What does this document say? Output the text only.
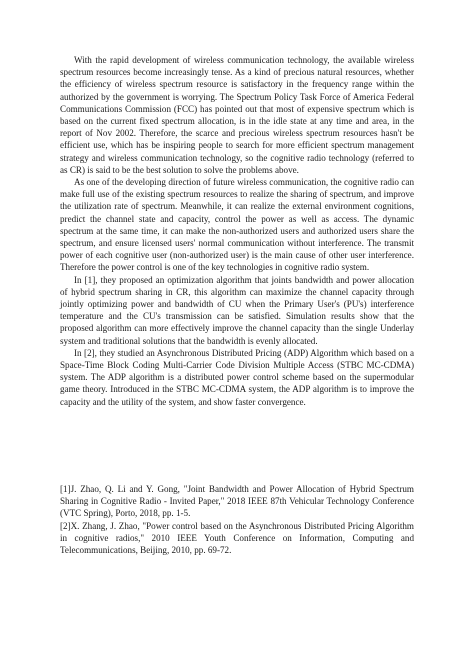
With the rapid development of wireless communication technology, the available wireless spectrum resources become increasingly tense. As a kind of precious natural resources, whether the efficiency of wireless spectrum resource is satisfactory in the frequency range within the authorized by the government is worrying. The Spectrum Policy Task Force of America Federal Communications Commission (FCC) has pointed out that most of expensive spectrum which is based on the current fixed spectrum allocation, is in the idle state at any time and area, in the report of Nov 2002. Therefore, the scarce and precious wireless spectrum resources hasn't be efficient use, which has be inspiring people to search for more efficient spectrum management strategy and wireless communication technology, so the cognitive radio technology (referred to as CR) is said to be the best solution to solve the problems above.

As one of the developing direction of future wireless communication, the cognitive radio can make full use of the existing spectrum resources to realize the sharing of spectrum, and improve the utilization rate of spectrum. Meanwhile, it can realize the external environment cognitions, predict the channel state and capacity, control the power as well as access. The dynamic spectrum at the same time, it can make the non-authorized users and authorized users share the spectrum, and ensure licensed users' normal communication without interference. The transmit power of each cognitive user (non-authorized user) is the main cause of other user interference. Therefore the power control is one of the key technologies in cognitive radio system.

In [1], they proposed an optimization algorithm that joints bandwidth and power allocation of hybrid spectrum sharing in CR, this algorithm can maximize the channel capacity through jointly optimizing power and bandwidth of CU when the Primary User's (PU's) interference temperature and the CU's transmission can be satisfied. Simulation results show that the proposed algorithm can more effectively improve the channel capacity than the single Underlay system and traditional solutions that the bandwidth is evenly allocated.

In [2], they studied an Asynchronous Distributed Pricing (ADP) Algorithm which based on a Space-Time Block Coding Multi-Carrier Code Division Multiple Access (STBC MC-CDMA) system. The ADP algorithm is a distributed power control scheme based on the supermodular game theory. Introduced in the STBC MC-CDMA system, the ADP algorithm is to improve the capacity and the utility of the system, and show faster convergence.

[1]J. Zhao, Q. Li and Y. Gong, "Joint Bandwidth and Power Allocation of Hybrid Spectrum Sharing in Cognitive Radio - Invited Paper," 2018 IEEE 87th Vehicular Technology Conference (VTC Spring), Porto, 2018, pp. 1-5.

[2]X. Zhang, J. Zhao, "Power control based on the Asynchronous Distributed Pricing Algorithm in cognitive radios," 2010 IEEE Youth Conference on Information, Computing and Telecommunications, Beijing, 2010, pp. 69-72.
